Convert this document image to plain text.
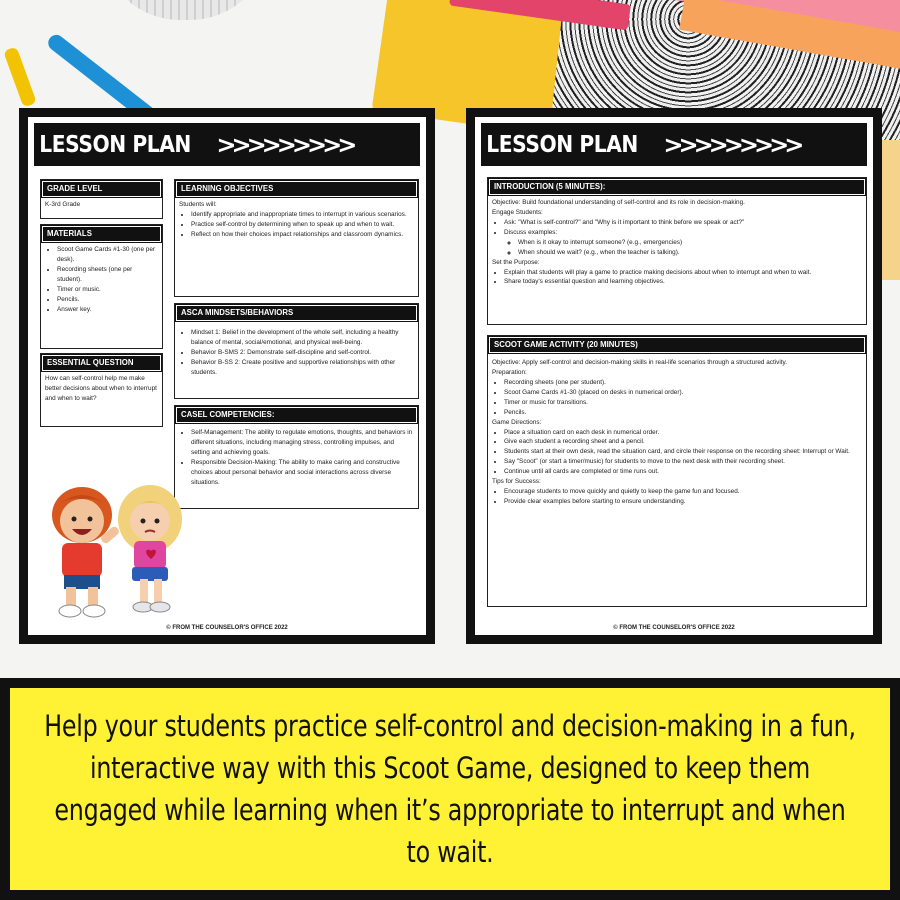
LESSON PLAN >>>>>>>>>
GRADE LEVEL

K-3rd Grade

MATERIALS
• Scoot Game Cards #1-30 (one per desk).
• Recording sheets (one per student).
• Timer or music.
• Pencils.
• Answer key.
ESSENTIAL QUESTION

How can self-control help me make better decisions about when to interrupt and when to wait?

LEARNING OBJECTIVES

Students will:

• Identify appropriate and inappropriate times to interrupt in various scenarios.
• Practice self-control by determining when to speak up and when to wait.
• Reflect on how their choices impact relationships and classroom dynamics.
ASCA MINDSETS/BEHAVIORS
• Mindset 1: Belief in the development of the whole self, including a healthy balance of mental, social/emotional, and physical well-being.
• Behavior B-SMS 2: Demonstrate self-discipline and self-control.
• Behavior B-SS 2: Create positive and supportive relationships with other students.
CASEL COMPETENCIES:
• Self-Management: The ability to regulate emotions, thoughts, and behaviors in different situations, including managing stress, controlling impulses, and setting and achieving goals.
• Responsible Decision-Making: The ability to make caring and constructive choices about personal behavior and social interactions across diverse situations.
© FROM THE COUNSELOR'S OFFICE 2022
LESSON PLAN >>>>>>>>>
INTRODUCTION (5 MINUTES):

Objective: Build foundational understanding of self-control and its role in decision-making.

Engage Students:

• Ask: "What is self-control?" and "Why is it important to think before we speak or act?"
• Discuss examples:
◦ When is it okay to interrupt someone? (e.g., emergencies)
◦ When should we wait? (e.g., when the teacher is talking).

Set the Purpose:

• Explain that students will play a game to practice making decisions about when to interrupt and when to wait.
• Share today's essential question and learning objectives.
SCOOT GAME ACTIVITY (20 MINUTES)

Objective: Apply self-control and decision-making skills in real-life scenarios through a structured activity.

Preparation:

• Recording sheets (one per student).
• Scoot Game Cards #1-30 (placed on desks in numerical order).
• Timer or music for transitions.
• Pencils.

Game Directions:

• Place a situation card on each desk in numerical order.
• Give each student a recording sheet and a pencil.
• Students start at their own desk, read the situation card, and circle their response on the recording sheet: Interrupt or Wait.
• Say "Scoot" (or start a timer/music) for students to move to the next desk with their recording sheet.
• Continue until all cards are completed or time runs out.

Tips for Success:

• Encourage students to move quickly and quietly to keep the game fun and focused.
• Provide clear examples before starting to ensure understanding.
© FROM THE COUNSELOR'S OFFICE 2022
Help your students practice self-control and decision-making in a fun, interactive way with this Scoot Game, designed to keep them engaged while learning when it’s appropriate to interrupt and when to wait.
